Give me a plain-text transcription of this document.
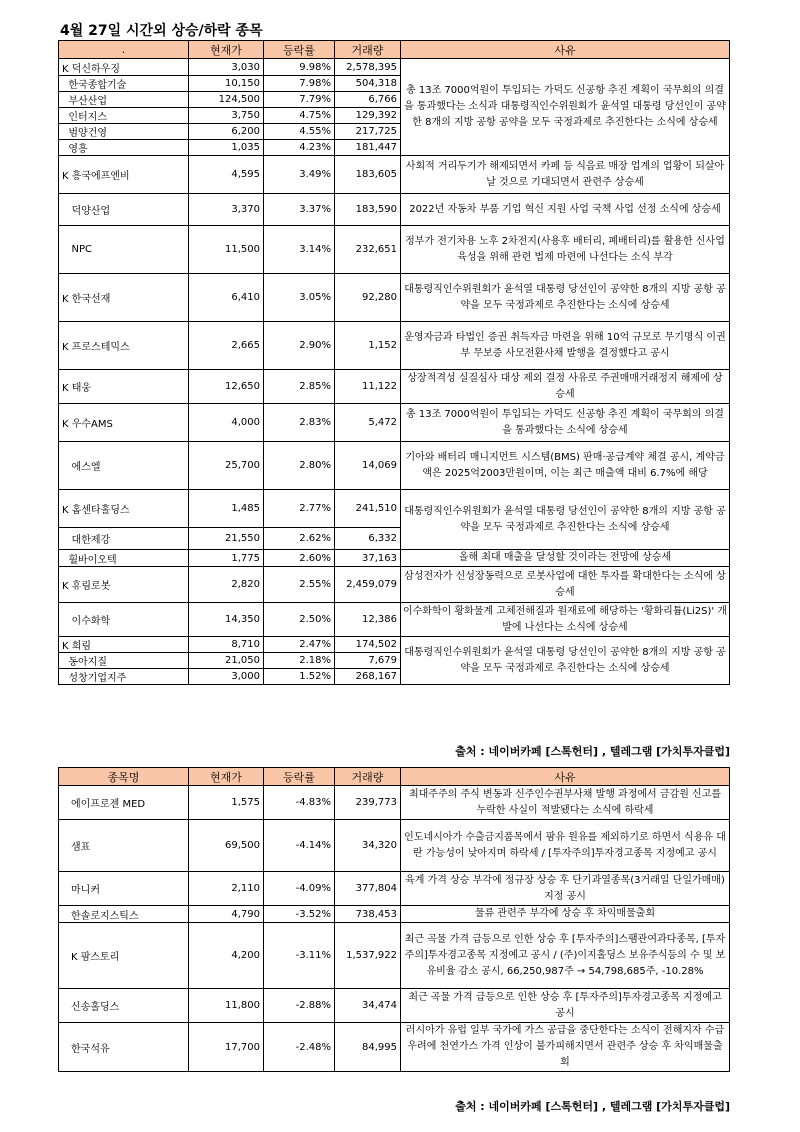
4월 27일 시간외 상승/하락 종목
.	현재가	등락률	거래량	사유
K 덕신하우징	3,030	9.98%	2,578,395	총 13조 7000억원이 투입되는 가덕도 신공항 추진 계획이 국무회의 의결을 통과했다는 소식과 대통령직인수위원회가 윤석열 대통령 당선인이 공약한 8개의 지방 공항 공약을 모두 국정과제로 추진한다는 소식에 상승세
한국종합기술	10,150	7.98%	504,318	
부산산업	124,500	7.79%	6,766	
인터지스	3,750	4.75%	129,392	
범양건영	6,200	4.55%	217,725	
영흥	1,035	4.23%	181,447	
K 흥국에프엔비	4,595	3.49%	183,605	사회적 거리두기가 해제되면서 카페 등 식음료 매장 업계의 업황이 되살아날 것으로 기대되면서 관련주 상승세
덕양산업	3,370	3.37%	183,590	2022년 자동차 부품 기업 혁신 지원 사업 국책 사업 선정 소식에 상승세
NPC	11,500	3.14%	232,651	정부가 전기차용 노후 2차전지(사용후 배터리, 폐배터리)를 활용한 신사업 육성을 위해 관련 법제 마련에 나선다는 소식 부각
K 한국선재	6,410	3.05%	92,280	대통령직인수위원회가 윤석열 대통령 당선인이 공약한 8개의 지방 공항 공약을 모두 국정과제로 추진한다는 소식에 상승세
K 프로스테믹스	2,665	2.90%	1,152	운영자금과 타법인 증권 취득자금 마련을 위해 10억 규모로 무기명식 이권부 무보증 사모전환사채 발행을 결정했다고 공시
K 태웅	12,650	2.85%	11,122	상장적격성 실질심사 대상 제외 결정 사유로 주권매매거래정지 해제에 상승세
K 우수AMS	4,000	2.83%	5,472	총 13조 7000억원이 투입되는 가덕도 신공항 추진 계획이 국무회의 의결을 통과했다는 소식에 상승세
에스엘	25,700	2.80%	14,069	기아와 배터리 매니지먼트 시스템(BMS) 판매·공급계약 체결 공시, 계약금액은 2025억2003만원이며, 이는 최근 매출액 대비 6.7%에 해당
K 홈센타홀딩스	1,485	2.77%	241,510	대통령직인수위원회가 윤석열 대통령 당선인이 공약한 8개의 지방 공항 공약을 모두 국정과제로 추진한다는 소식에 상승세
대한제강	21,550	2.62%	6,332	
휠바이오텍	1,775	2.60%	37,163	올해 최대 매출을 달성할 것이라는 전망에 상승세
K 휴림로봇	2,820	2.55%	2,459,079	삼성전자가 신성장동력으로 로봇사업에 대한 투자를 확대한다는 소식에 상승세
이수화학	14,350	2.50%	12,386	이수화학이 황화물계 고체전해질과 원재료에 해당하는 '황화리튬(Li2S)' 개발에 나선다는 소식에 상승세
K 희림	8,710	2.47%	174,502	대통령직인수위원회가 윤석열 대통령 당선인이 공약한 8개의 지방 공항 공약을 모두 국정과제로 추진한다는 소식에 상승세
동아지질	21,050	2.18%	7,679	
성창기업지주	3,000	1.52%	268,167	
출처 : 네이버카페 [스톡헌터] , 텔레그램 [가치투자클럽]
종목명	현재가	등락률	거래량	사유
에이프로젠 MED	1,575	-4.83%	239,773	최대주주의 주식 변동과 신주인수권부사채 발행 과정에서 금감원 신고를 누락한 사실이 적발됐다는 소식에 하락세
샘표	69,500	-4.14%	34,320	인도네시아가 수출금지품목에서 팜유 원유를 제외하기로 하면서 식용유 대란 가능성이 낮아지며 하락세 / [투자주의]투자경고종목 지정예고 공시
마니커	2,110	-4.09%	377,804	육계 가격 상승 부각에 정규장 상승 후 단기과열종목(3거래일 단일가매매) 지정 공시
한솔로지스틱스	4,790	-3.52%	738,453	물류 관련주 부각에 상승 후 차익매물출회
K 팜스토리	4,200	-3.11%	1,537,922	최근 곡물 가격 급등으로 인한 상승 후 [투자주의]스팸관여과다종목, [투자주의]투자경고종목 지정예고 공시 / (주)이지홀딩스 보유주식등의 수 및 보유비율 감소 공시, 66,250,987주 → 54,798,685주, -10.28%
신송홀딩스	11,800	-2.88%	34,474	최근 곡물 가격 급등으로 인한 상승 후 [투자주의]투자경고종목 지정예고 공시
한국석유	17,700	-2.48%	84,995	러시아가 유럽 일부 국가에 가스 공급을 중단한다는 소식이 전해지자 수급 우려에 천연가스 가격 인상이 불가피해지면서 관련주 상승 후 차익매물출회
출처 : 네이버카페 [스톡헌터] , 텔레그램 [가치투자클럽]
